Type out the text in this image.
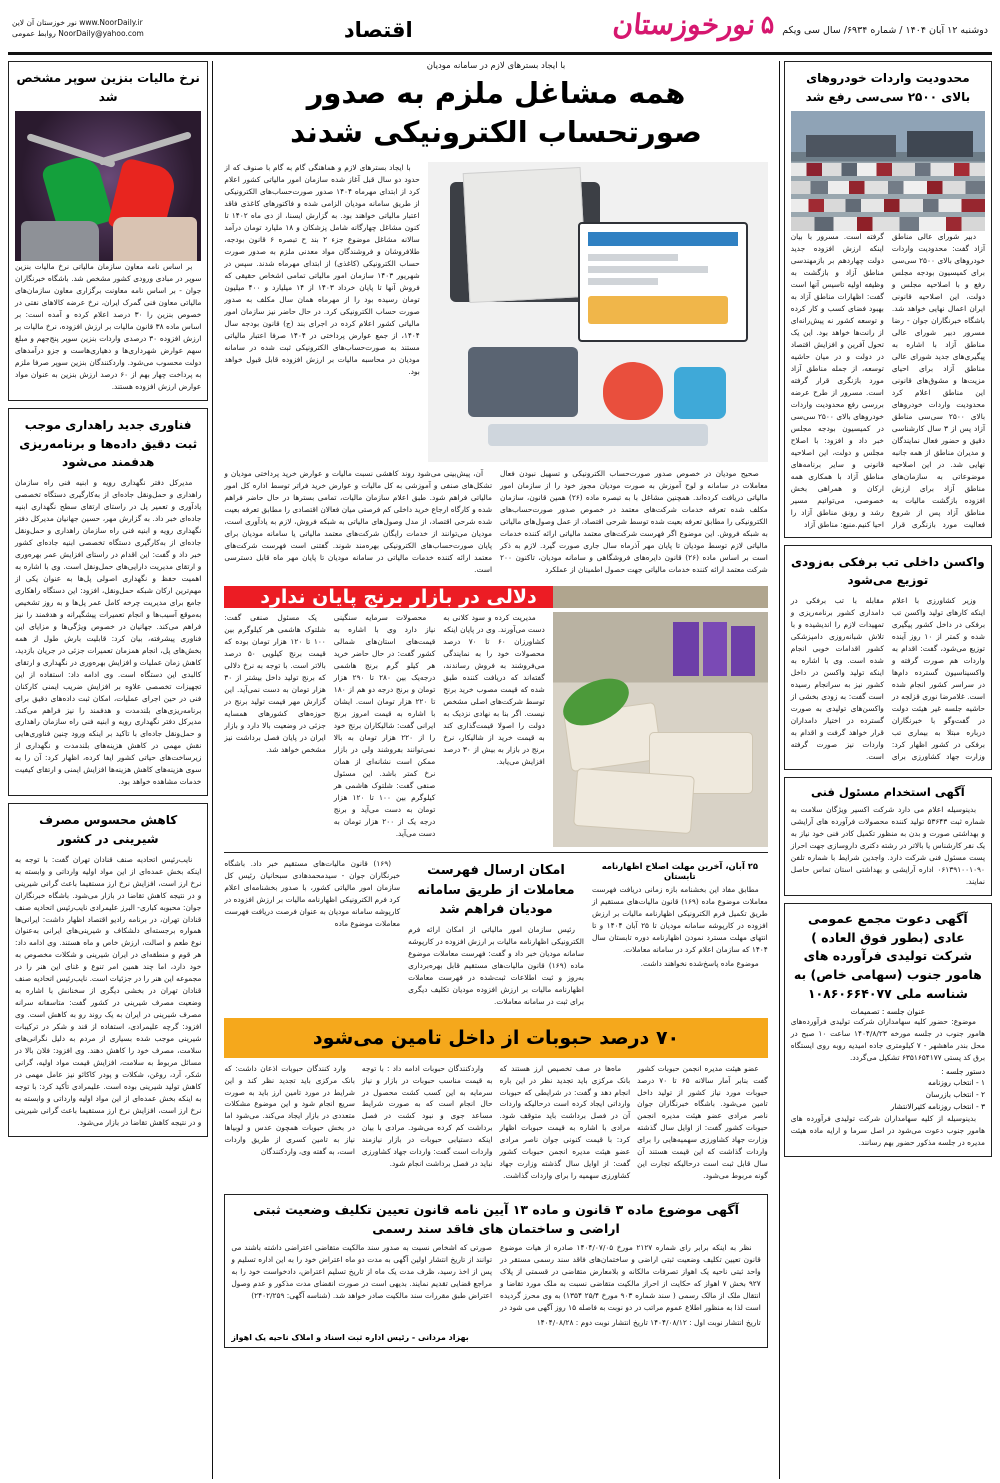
۵
نورخوزستان	دوشنبه ۱۲ آبان ۱۴۰۴ / شماره ۶۹۳۴/ سال سی ویکم
اقتصاد
نور خوزستان آن لاین www.NoorDaily.ir
روابط عمومی NoorDaily@yahoo.com
محدودیت واردات خودروهای بالای ۲۵۰۰ سی‌سی رفع شد

دبیر شورای عالی مناطق آزاد گفت: محدودیت واردات خودروهای بالای ۲۵۰۰ سی‌سی برای کمیسیون بودجه مجلس رفع و با اصلاحیه مجلس و دولت، این اصلاحیه قانونی ایران اعمال نهایی خواهد شد. باشگاه خبرنگاران جوان - رضا مسرور دبیر شورای عالی مناطق آزاد با اشاره به پیگیری‌های جدید شورای عالی مناطق آزاد برای احیای مزیت‌ها و مشوق‌های قانونی این مناطق اعلام کرد محدودیت واردات خودروهای بالای ۲۵۰۰ سی‌سی مناطق آزاد پس از ۳ سال کارشناسی دقیق و حضور فعال نمایندگان و مدیران مناطق از همه جانبه نهایی شد. در این اصلاحیه موضوعاتی به سازمان‌های مناطق آزاد برای ارزش افزوده بازگشت مالیات به مناطق آزاد پس از شروع فعالیت مورد بازنگری قرار گرفته است. مسرور با بیان اینکه ارزش افزوده جدید دولت چهاردهم بر بازمهندسی مناطق آزاد و بازگشت به وظیفه اولیه تاسیس آنها است گفت: اظهارات مناطق آزاد به بهبود فضای کسب و کار کرده و توسعه کشور نه پیش‌رانه‌ای از رانت‌ها خواهد بود. این یک تحول آفرین و افزایش اقتصاد در دولت و در میان حاشیه توسعه، از جمله مناطق آزاد مورد بازنگری قرار گرفته است. مسرور از طرح عرضه بررسی رفع محدودیت واردات خودروهای بالای ۲۵۰۰ سی‌سی در کمیسیون بودجه مجلس خبر داد و افزود: با اصلاح مجلس و دولت، این اصلاحیه قانونی و سایر برنامه‌های مناطق آزاد با همکاری همه ارکان و همراهی بخش خصوصی، می‌توانیم مسیر رشد و رونق مناطق آزاد را احیا کنیم.منبع: مناطق آزاد

واکسن داخلی تب برفکی به‌زودی توزیع می‌شود

وزیر کشاورزی با اعلام اینکه کارهای تولید واکسن تب برفکی در داخل کشور پیگیری شده و کمتر از ۱۰ روز آینده توزیع می‌شود، گفت: اقدام به واردات هم صورت گرفته و واکسیناسیون گسترده دام‌ها در سراسر کشور انجام شده است. غلامرضا نوری قزلجه در حاشیه جلسه غیر هیئت دولت در گفت‌وگو با خبرنگاران درباره مبتلا به بیماری تب برفکی در کشور اظهار کرد: وزارت جهاد کشاورزی برای مقابله با تب برفکی در دامداری کشور برنامه‌ریزی و تمهیدات لازم را اندیشیده و با تلاش شبانه‌روزی دامپزشکی کشور اقدامات خوبی انجام شده است. وی با اشاره به اینکه تولید واکسن در داخل کشور نیز به سرانجام رسیده است گفت: به زودی بخشی از واکسن‌های تولیدی به صورت گسترده در اختیار دامداران قرار خواهد گرفت و اقدام به واردات نیز صورت گرفته است.

آگهی استخدام مسئول فنی

بدینوسیله اعلام می دارد شرکت اکسیر ویژگان سلامت به شماره ثبت ۵۳۶۴۳ تولید کننده محصولات فرآورده های آرایشی و بهداشتی صورت و بدن به منظور تکمیل کادر فنی خود نیاز به یک نفر کارشناس یا بالاتر در رشته دکتری داروسازی جهت احراز پست مسئول فنی شرکت دارد. واجدین شرایط با شماره تلفن ۰۶۱۳۹۱۰۰۱۰۹۰ اداره آرایشی و بهداشتی استان تماس حاصل نمایند.

آگهی دعوت مجمع عمومی عادی (بطور فوق العاده ) شرکت تولیدی فرآورده های هامور جنوب (سهامی خاص) به شناسه ملی ۱۰۸۶۰۶۶۴۰۷۷
عنوان جلسه : تصمیمات

موضوع: حضور کلیه سهامداران شرکت تولیدی فرآورده‌های هامور جنوب در جلسه مورخه ۱۴۰۴/۸/۲۳ ساعت ۱۰ صبح در محل بندر ماهشهر - ۷ کیلومتری جاده امیدیه روبه روی ایستگاه برق کد پستی ۶۳۵۱۶۵۴۱۷۷ تشکیل می‌گردد.

دستور جلسه :
۱ - انتخاب روزنامه
۲ - انتخاب بازرسان
۳ - انتخاب روزنامه کثیرالانتشار

بدینوسیله از کلیه سهامداران شرکت تولیدی فرآورده های هامور جنوب دعوت می‌شود در اصل سرما و ارایه ماده هیئت مدیره در جلسه مذکور حضور بهم رسانند.

با ایجاد بسترهای لازم در سامانه مودیان
همه مشاغل ملزم به صدور صورتحساب الکترونیکی شدند

با ایجاد بسترهای لازم و هماهنگی گام به گام با صنوف که از حدود دو سال قبل آغاز شده سازمان امور مالیاتی کشور اعلام کرد از ابتدای مهرماه ۱۴۰۴ صدور صورت‌حساب‌های الکترونیکی از طریق سامانه مودیان الزامی شده و فاکتورهای کاغذی فاقد اعتبار مالیاتی خواهند بود. به گزارش ایسنا، از دی ماه ۱۴۰۲ تا کنون مشاغل چهارگانه شامل پزشکان و ۱۸ ملیارد تومان درآمد سالانه مشاغل موضوع جزء ۲ بند ح تبصره ۶ قانون بودجه، طلافروشان و فروشندگان مواد معدنی ملزم به صدور صورت حساب الکترونیکی (کاغذی) از ابتدای مهرماه شدند. سپس در شهریور ۱۴۰۳ سازمان امور مالیاتی تمامی اشخاص حقیقی که فروش آنها تا پایان خرداد ۱۴۰۳ از ۱۴ میلیارد و ۴۰۰ میلیون تومان رسیده بود را از مهرماه همان سال مکلف به صدور صورت حساب الکترونیکی کرد. در حال حاضر نیز سازمان امور مالیاتی کشور اعلام کرده در اجرای بند (ج) قانون بودجه سال ۱۴۰۴، از جمع عوارض پرداختی در ۱۴۰۴ صرفا اعتبار مالیاتی مستند به صورت‌حساب‌های الکترونیکی ثبت شده در سامانه مودیان در محاسبه مالیات بر ارزش افزوده قابل قبول خواهد بود.

صحیح مودیان در خصوص صدور صورت‌حساب الکترونیکی و تسهیل نبودن فعال معاملات در سامانه و لوح آموزش به صورت مودیان مجوز خود را از سازمان امور مالیاتی دریافت کرده‌اند. همچنین مشاغل با به تبصره ماده (۲۶) همین قانون، سازمان مکلف شده تعرفه خدمات شرکت‌های معتمد در خصوص صدور صورت‌حساب‌های الکترونیکی را مطابق تعرفه بعیت شده توسط شرحی اقتصاد، از عمل وصول‌های مالیاتی به شبکه فروش. این موضوع اگر فهرست شرکت‌های معتمد مالیاتی ارائه کننده خدمات مالیاتی لازم توسط مودیان تا پایان مهر آذرماه سال جاری صورت گیرد. لازم به ذکر است بر اساس ماده (۲۶) قانون دایره‌های فروشگاهی و سامانه مودیان، تاکنون ۲۰۰ شرکت معتمد ارائه کننده خدمات مالیاتی جهت حصول اطمینان از عملکرد

آن، پیش‌بینی می‌شود روند کاهشی نسبت مالیات و عوارض خرید پرداختی مودیان و تشکل‌های صنفی و آموزشی به کل مالیات و عوارض خرید فراتر توسط اداره کل امور مالیاتی فراهم شود. طبق اعلام سازمان مالیات، تمامی بسترها در حال حاضر فراهم شده و کارگاه ارجاع خرید داخلی کم فرصتی میان فعالان اقتصادی را مطابق تعرفه بعیت شده شرحی اقتصاد، از مدل وصول‌های مالیاتی به شبکه فروش، لازم به یادآوری است، مودیان می‌توانند از خدمات رایگان شرکت‌های معتمد مالیاتی یا سامانه مودیان برای پایان صورت‌حساب‌های الکترونیکی بهره‌مند شوند. گفتنی است فهرست شرکت‌های معتمد ارائه کننده خدمات مالیاتی در سامانه مودیان تا پایان مهر ماه قابل دسترسی است.

دلالی در بازار برنج پایان ندارد

مدیریت کرده و سود کلانی به دست می‌آورند. وی در پایان اینکه کشاورزان ۶۰ تا ۷۰ درصد محصولات خود را به نمایندگی می‌فروشند به فروش رساندند، گفته‌اند که دریافت کننده طبق شده که قیمت مصوب خرید برنج توسط شرکت‌های اصلی مشخص نیست. اگر بنا به نهادی نزدیک به دولت را اصولا قیمت‌گذاری کند به قیمت خرید از شالیکار، نرخ برنج در بازار به بیش از ۳۰ درصد افزایش می‌یابد.

محصولات سرمایه سنگینی نیاز دارد وی با اشاره به قیمت‌های استان‌های شمالی کشور گفت: در حال حاضر خرید هر کیلو گرم برنج هاشمی درجه‌یک بین ۲۸۰ تا ۲۹۰ هزار تومان و برنج درجه دو هم از ۱۸۰ تا ۲۲۰ هزار تومان است. ایشان با اشاره به قیمت امروز برنج ایرانی گفت: شالیکاران برنج خود را از ۲۲۰ هزار تومان به بالا نمی‌توانند بفروشند ولی در بازار ممکن است نشانه‌ای از همان نرخ کمتر باشد. این مسئول صنفی گفت: شلتوک هاشمی هر کیلوگرم بین ۱۰۰ تا ۱۲۰ هزار تومان به دست می‌آید و برنج درجه یک از ۲۰۰ هزار تومان به دست می‌آید.

یک مسئول صنفی گفت: شلتوک هاشمی هر کیلوگرم بین ۱۰۰ تا ۱۲۰ هزار تومان بوده که قیمت برنج کیلویی ۵۰ درصد بالاتر است. با توجه به نرخ دلالی که برنج تولید داخل بیشتر از ۳۰ هزار تومان به دست نمی‌آید. این گزارش مهر قیمت تولید برنج در حوزه‌های کشورهای همسایه جزئی در وضعیت بالا دارد و بازار ایران در پایان فصل برداشت نیز مشخص خواهد شد.

۲۵ آبان، آخرین مهلت اصلاح اظهارنامه تابستان

مطابق مفاد این بخشنامه بازه زمانی دریافت فهرست معاملات موضوع ماده (۱۶۹) قانون مالیات‌های مستقیم از طریق تکمیل فرم الکترونیکی اظهارنامه مالیات بر ارزش افزوده در کارپوشه سامانه مودیان تا ۲۵ آبان ۱۴۰۴ و تا انتهای مهلت مسترد نمودن اظهارنامه دوره تابستان سال ۱۴۰۴ که سازمان اعلام کرد در سامانه معاملات.

موضوع ماده پاسخ‌شده نخواهند داشت.

امکان ارسال فهرست معاملات از طریق سامانه مودیان فراهم شد

رئیس سازمان امور مالیاتی از امکان ارائه فرم الکترونیکی اظهارنامه مالیات بر ارزش افزوده در کارپوشه سامانه مودیان خبر داد و گفت: فهرست معاملات موضوع ماده (۱۶۹) قانون مالیات‌های مستقیم قابل بهره‌برداری به‌روز و ثبت اطلاعات ثبت‌شده در فهرست معاملات اظهارنامه مالیات بر ارزش افزوده مودیان تکلیف دیگری برای ثبت در سامانه معاملات.

(۱۶۹) قانون مالیات‌های مستقیم خبر داد. باشگاه خبرنگاران جوان - سیدمحمدهادی سبحانیان رئیس کل سازمان امور مالیاتی کشور، با صدور بخشنامه‌ای اعلام کرد فرم الکترونیکی اظهارنامه مالیات بر ارزش افزوده در کارپوشه سامانه مودیان به عنوان فرصت دریافت فهرست معاملات موضوع ماده

۷۰ درصد حبوبات از داخل تامین می‌شود

عضو هیئت مدیره انجمن حبوبات کشور گفت بنابر آمار سالانه ۶۵ تا ۷۰ درصد حبوبات مورد نیاز کشور از تولید داخل تامین می‌شود. باشگاه خبرنگاران جوان ناصر مرادی عضو هیئت مدیره انجمن حبوبات کشور گفت: از اوایل سال گذشته وزارت جهاد کشاورزی سهمیه‌هایی را برای واردات گذاشت که این قیمت هستند آن سال قابل ثبت است درحالیکه تجارت این گونه مربوط می‌شود.

ماه‌ها در صف تخصیص ارز هستند که بانک مرکزی باید تجدید نظر در این باره انجام دهد و گفت: در شرایطی که حبوبات وارداتی ایجاد کرده است درحالیکه واردات آن در فصل برداشت باید متوقف شود. مرادی با اشاره به قیمت حبوبات اظهار کرد: با قیمت کنونی جوان ناصر مرادی عضو هیئت مدیره انجمن حبوبات کشور گفت: از اوایل سال گذشته وزارت جهاد کشاورزی سهمیه را برای واردات گذاشت.

واردکنندگان حبوبات ادامه داد : با توجه به قیمت مناسب حبوبات در بازار و نیاز سرمایه به این کسب کشت محصول در حال انجام است که به صورت شرایط مساعد جوی و نبود کشت در فصل برداشت کم کرده می‌شود. مرادی با بیان اینکه دستیابی حبوبات در بازار نیازمند واردات است گفت: واردات جهاد کشاورزی نباید در فصل برداشت انجام شود.

وارد کنندگان حبوبات اذعان داشت: که بانک مرکزی باید تجدید نظر کند و این شرایط در مورد تامین ارز باید به صورت سریع انجام شود و این موضوع مشکلات متعددی در بازار ایجاد می‌کند. می‌شود اما در بخش حبوبات همچون عدس و لوبیاها نیاز به تامین کسری از طریق واردات است، به گفته وی، واردکنندگان

آگهی موضوع ماده ۳ قانون و ماده ۱۳ آیین نامه قانون تعیین تکلیف وضعیت ثبتی اراضی و ساختمان های فاقد سند رسمی

نظر به اینکه برابر رای شماره ۲۱۲۷ مورخ ۱۴۰۴/۰۷/۰۵ صادره از هیات موضوع قانون تعیین تکلیف وضعیت ثبتی اراضی و ساختمان‌های فاقد سند رسمی مستقر در واحد ثبتی ناحیه یک اهواز تصرفات مالکانه و بلامعارض متقاضی در قسمتی از پلاک ۹۲۷ بخش ۷ اهواز که حکایت از احراز مالکیت متقاضی نسبت به ملک مورد تقاضا و انتقال ملک از مالک رسمی ( سند شماره ۹۰۳ مورخ ۲۵/۴ ۱۳۵۴) به وی محرز گردیده است لذا به منظور اطلاع عموم مراتب در دو نوبت به فاصله ۱۵ روز آگهی می شود در صورتی که اشخاص نسبت به صدور سند مالکیت متقاضی اعتراضی داشته باشند می توانند از تاریخ انتشار اولین آگهی به مدت دو ماه اعتراض خود را به این اداره تسلیم و پس از اخذ رسید، ظرف مدت یک ماه از تاریخ تسلیم اعتراض، دادخواست خود را به مراجع قضایی تقدیم نمایند. بدیهی است در صورت انقضای مدت مذکور و عدم وصول اعتراض طبق مقررات سند مالکیت صادر خواهد شد. (شناسه آگهی: ۲۴۰۲/۲۵۹)

تاریخ انتشار نوبت اول : ۱۴۰۴/۰۸/۱۲ تاریخ انتشار نوبت دوم : ۱۴۰۴/۰۸/۲۸
بهزاد مردانی - رئیس اداره ثبت اسناد و املاک ناحیه یک اهواز
نرخ مالیات بنزین سوپر مشخص شد

بر اساس نامه معاون سازمان مالیاتی نرخ مالیات بنزین سوپر در مبادی ورودی کشور مشخص شد. باشگاه خبرنگاران جوان - بر اساس نامه معاونت برگزاری معاون سازمان‌های مالیاتی معاون فنی گمرک ایران، نرخ عرضه کالاهای نفتی در خصوص بنزین را ۳۰ درصد اعلام کرده و آمده است: بر اساس ماده ۳۸ قانون مالیات بر ارزش افزوده، نرخ مالیات بر ارزش افزوده ۳۰ درصدی واردات بنزین سوپر پنج‌جهم و مبلغ سهم عوارض شهرداری‌ها و دهیاری‌هاست و جزو درآمدهای دولت محسوب می‌شود. واردکنندگان بنزین سوپر صرفا ملزم به پرداخت چهار بهم از ۶۰ درصد ارزش بنزین به عنوان مواد عوارض ارزش افزوده هستند.

فناوری جدید راهداری موجب ثبت دقیق داده‌ها و برنامه‌ریزی هدفمند می‌شود

مدیرکل دفتر نگهداری رویه و ابنیه فنی راه سازمان راهداری و حمل‌ونقل جاده‌ای از به‌کارگیری دستگاه تخصصی یادآوری و تعمیر پل در راستای ارتقای سطح نگهداری ابنیه جاده‌ای خبر داد. به گزارش مهر، حسین جهانیان مدیرکل دفتر نگهداری رویه و ابنیه فنی راه سازمان راهداری و حمل‌ونقل جاده‌ای از به‌کارگیری دستگاه تخصصی ابنیه جاده‌ای کشور خبر داد و گفت: این اقدام در راستای افزایش عمر بهره‌وری و ارتقای مدیریت دارایی‌های حمل‌ونقل است. وی با اشاره به اهمیت حفظ و نگهداری اصولی پل‌ها به عنوان یکی از مهم‌ترین ارکان شبکه حمل‌ونقل، افزود: این دستگاه راهکاری جامع برای مدیریت چرخه کامل عمر پل‌ها و به روز تشخیص به‌موقع آسیب‌ها و انجام تعمیرات پیشگیرانه و هدفمند را نیز فراهم می‌کند. جهانیان در خصوص ویژگی‌ها و مزایای این فناوری پیشرفته، بیان کرد: قابلیت بارش طول از همه بخش‌های پل، انجام همزمان تعمیرات جزئی در جریان بازدید، کاهش زمان عملیات و افزایش بهره‌وری در نگهداری و ارتقای کالبدی این دستگاه است. وی ادامه داد: استفاده از این تجهیزات تخصصی علاوه بر افزایش ضریب ایمنی کارکنان فنی در حین اجرای عملیات، امکان ثبت داده‌های دقیق برای برنامه‌ریزی‌های بلندمدت و هدفمند را نیز فراهم می‌کند. مدیرکل دفتر نگهداری رویه و ابنیه فنی راه سازمان راهداری و حمل‌ونقل جاده‌ای با تاکید بر اینکه ورود چنین فناوری‌هایی نقش مهمی در کاهش هزینه‌های بلندمدت و نگهداری از زیرساخت‌های حیاتی کشور ایفا کرده، اظهار کرد: آن را به سوی هزینه‌های کاهش هزینه‌ها افزایش ایمنی و ارتقای کیفیت خدمات مشاهده خواهد بود.

کاهش محسوس مصرف شیرینی در کشور

نایب‌رئیس اتحادیه صنف قنادان تهران گفت: با توجه به اینکه بخش عمده‌ای از این مواد اولیه وارداتی و وابسته به نرخ ارز است، افزایش نرخ ارز مستقیما باعث گرانی شیرینی و در نتیجه کاهش تقاضا در بازار می‌شود. باشگاه خبرنگاران جوان: محبوبه کباری- البرز علیمرادی نایب‌رئیس اتحادیه صنف قنادان تهران، در برنامه رادیو اقتصاد اظهار داشت: ایرانی‌ها همواره برجسته‌ای دلشکاف و شیرینی‌های ایرانی به‌عنوان نوع طعم و اصالت، ارزش خاص و ماه هستند. وی ادامه داد: هر قوم و منطقه‌ای در ایران شیرینی و شکلات مخصوص به خود دارد، اما چند همین امر تنوع و غنای این هنر را در مجموعه این هنر را در جزئیات است. نایب‌رئیس اتحادیه صنف قنادان تهران در بخشی دیگری از سخنانش با اشاره به وضعیت مصرف شیرینی در کشور گفت: متاسفانه سرانه مصرف شیرینی در ایران به یک روند رو به کاهش است. وی افزود: گرچه علیمرادی، استفاده از قند و شکر در ترکیبات شیرینی موجب شده بسیاری از مردم به دلیل نگرانی‌های سلامت، مصرف خود را کاهش دهند. وی افزود: فلان بالا در مسائل مربوط به سلامت، افزایش قیمت مواد اولیه، گرانی شکر، آرد، روغن، شکلات و پودر کاکائو نیز عامل مهمی در کاهش تولید شیرینی بوده است. علیمرادی تأکید کرد: با توجه به اینکه بخش عمده‌ای از این مواد اولیه وارداتی و وابسته به نرخ ارز است، افزایش نرخ ارز مستقیما باعث گرانی شیرینی و در نتیجه کاهش تقاضا در بازار می‌شود.
